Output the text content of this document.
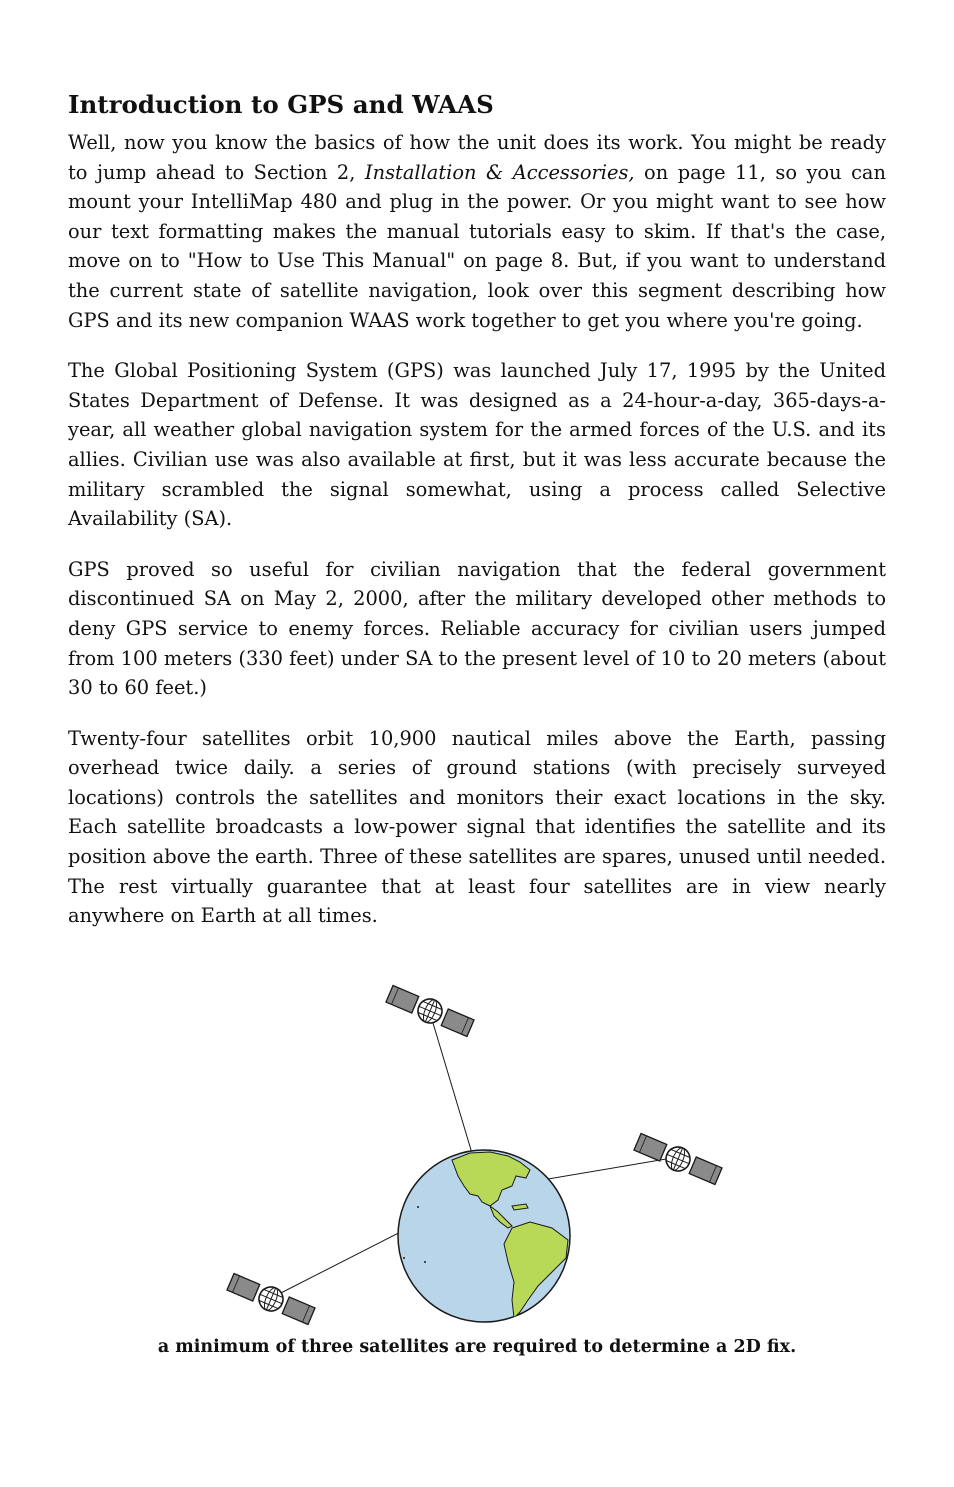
Introduction to GPS and WAAS

Well, now you know the basics of how the unit does its work. You might be ready to jump ahead to Section 2, Installation & Accessories, on page 11, so you can mount your IntelliMap 480 and plug in the power. Or you might want to see how our text formatting makes the manual tutorials easy to skim. If that's the case, move on to "How to Use This Manual" on page 8. But, if you want to understand the current state of satellite navigation, look over this segment describing how GPS and its new companion WAAS work together to get you where you're going.

The Global Positioning System (GPS) was launched July 17, 1995 by the United States Department of Defense. It was designed as a 24-hour-a-day, 365-days-a-year, all weather global navigation system for the armed forces of the U.S. and its allies. Civilian use was also available at first, but it was less accurate because the military scrambled the signal somewhat, using a process called Selective Availability (SA).

GPS proved so useful for civilian navigation that the federal government discontinued SA on May 2, 2000, after the military developed other methods to deny GPS service to enemy forces. Reliable accuracy for civilian users jumped from 100 meters (330 feet) under SA to the present level of 10 to 20 meters (about 30 to 60 feet.)

Twenty-four satellites orbit 10,900 nautical miles above the Earth, passing overhead twice daily. a series of ground stations (with precisely surveyed locations) controls the satellites and monitors their exact locations in the sky. Each satellite broadcasts a low-power signal that identifies the satellite and its position above the earth. Three of these satellites are spares, unused until needed. The rest virtually guarantee that at least four satellites are in view nearly anywhere on Earth at all times.

a minimum of three satellites are required to determine a 2D fix.
